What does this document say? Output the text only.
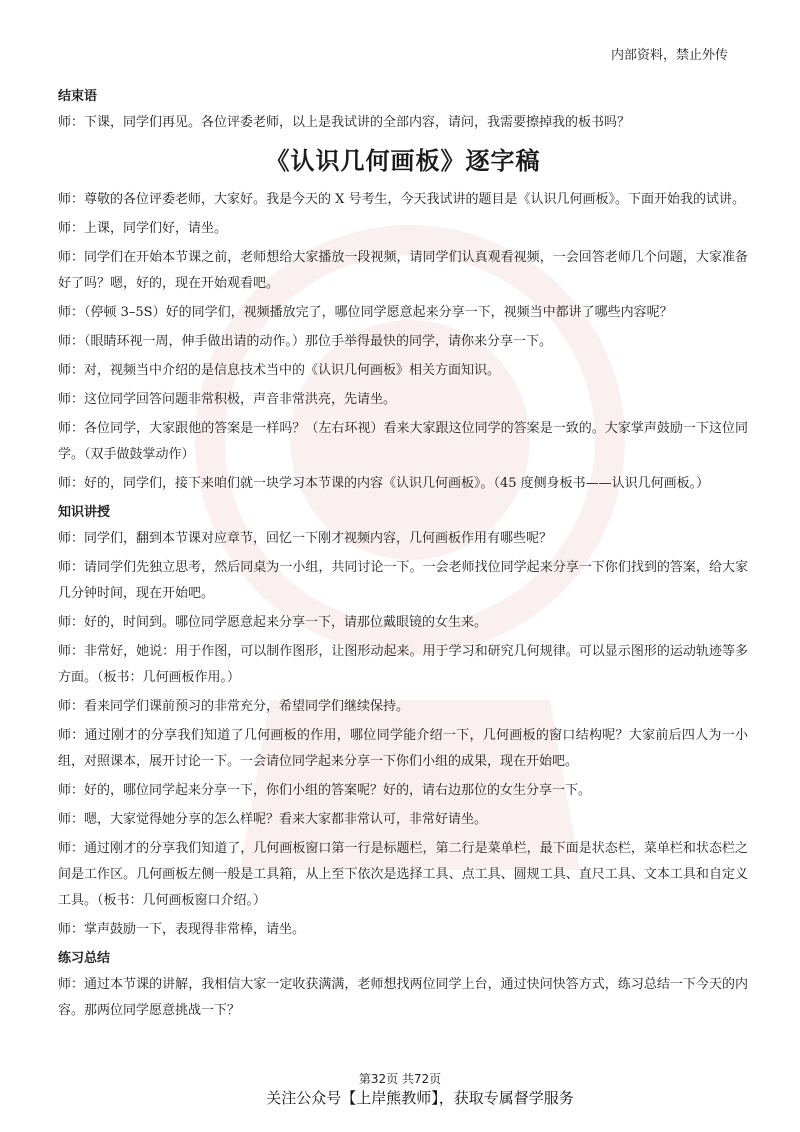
内部资料，禁止外传
结束语

师：下课，同学们再见。各位评委老师，以上是我试讲的全部内容，请问，我需要擦掉我的板书吗？

《认识几何画板》逐字稿

师：尊敬的各位评委老师，大家好。我是今天的 X 号考生，今天我试讲的题目是《认识几何画板》。下面开始我的试讲。

师：上课，同学们好，请坐。

师：同学们在开始本节课之前，老师想给大家播放一段视频，请同学们认真观看视频，一会回答老师几个问题，大家准备好了吗？嗯，好的，现在开始观看吧。

师：（停顿 3–5S）好的同学们，视频播放完了，哪位同学愿意起来分享一下，视频当中都讲了哪些内容呢？

师：（眼睛环视一周，伸手做出请的动作。）那位手举得最快的同学，请你来分享一下。

师：对，视频当中介绍的是信息技术当中的《认识几何画板》相关方面知识。

师：这位同学回答问题非常积极，声音非常洪亮，先请坐。

师：各位同学，大家跟他的答案是一样吗？（左右环视）看来大家跟这位同学的答案是一致的。大家掌声鼓励一下这位同学。（双手做鼓掌动作）

师：好的，同学们，接下来咱们就一块学习本节课的内容《认识几何画板》。（45 度侧身板书——认识几何画板。）

知识讲授

师：同学们，翻到本节课对应章节，回忆一下刚才视频内容，几何画板作用有哪些呢？

师：请同学们先独立思考，然后同桌为一小组，共同讨论一下。一会老师找位同学起来分享一下你们找到的答案，给大家几分钟时间，现在开始吧。

师：好的，时间到。哪位同学愿意起来分享一下，请那位戴眼镜的女生来。

师：非常好，她说：用于作图，可以制作图形，让图形动起来。用于学习和研究几何规律。可以显示图形的运动轨迹等多方面。（板书：几何画板作用。）

师：看来同学们课前预习的非常充分，希望同学们继续保持。

师：通过刚才的分享我们知道了几何画板的作用，哪位同学能介绍一下，几何画板的窗口结构呢？大家前后四人为一小组，对照课本，展开讨论一下。一会请位同学起来分享一下你们小组的成果，现在开始吧。

师：好的，哪位同学起来分享一下，你们小组的答案呢？好的，请右边那位的女生分享一下。

师：嗯，大家觉得她分享的怎么样呢？看来大家都非常认可，非常好请坐。

师：通过刚才的分享我们知道了，几何画板窗口第一行是标题栏，第二行是菜单栏，最下面是状态栏，菜单栏和状态栏之间是工作区。几何画板左侧一般是工具箱，从上至下依次是选择工具、点工具、圆规工具、直尺工具、文本工具和自定义工具。（板书：几何画板窗口介绍。）

师：掌声鼓励一下，表现得非常棒，请坐。

练习总结

师：通过本节课的讲解，我相信大家一定收获满满，老师想找两位同学上台，通过快问快答方式，练习总结一下今天的内容。那两位同学愿意挑战一下？

第32页 共72页
关注公众号【上岸熊教师】，获取专属督学服务
